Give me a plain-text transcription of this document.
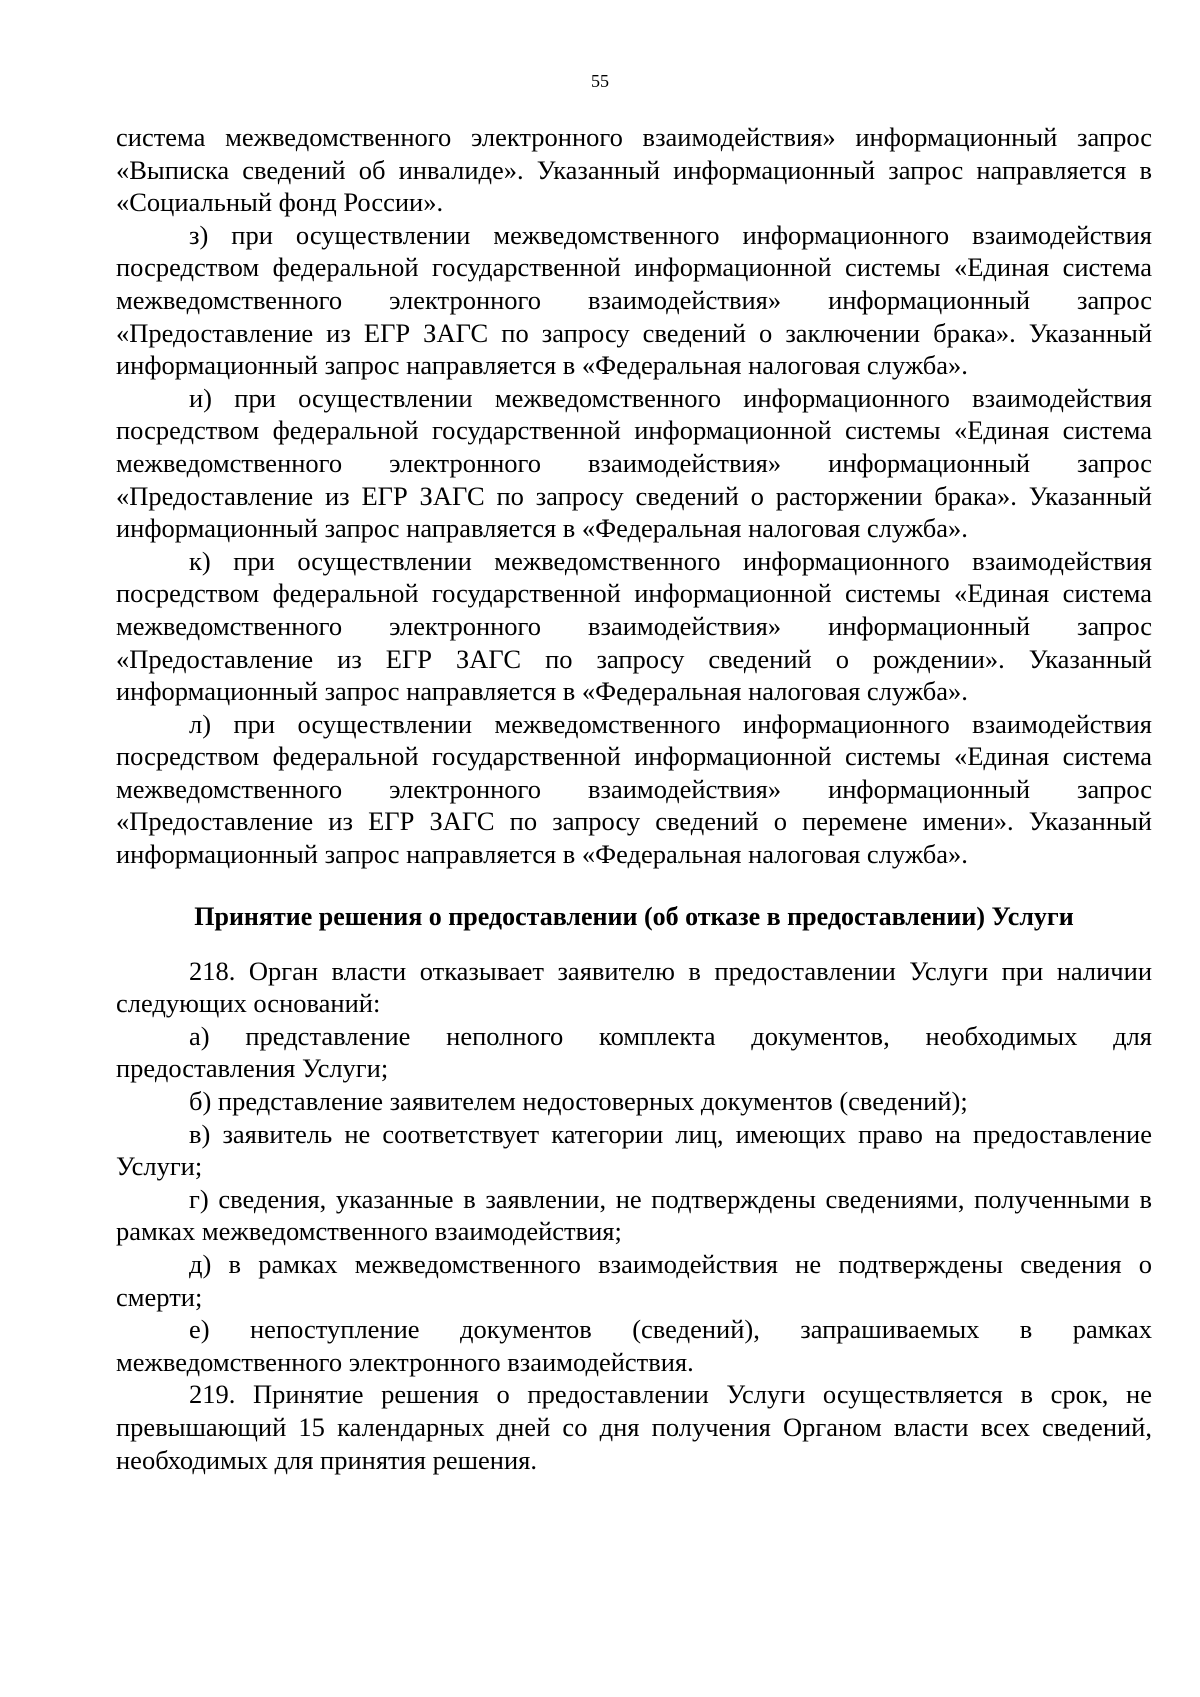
55

система межведомственного электронного взаимодействия» информационный запрос «Выписка сведений об инвалиде». Указанный информационный запрос направляется в «Социальный фонд России».

з) при осуществлении межведомственного информационного взаимодействия посредством федеральной государственной информационной системы «Единая система межведомственного электронного взаимодействия» информационный запрос «Предоставление из ЕГР ЗАГС по запросу сведений о заключении брака». Указанный информационный запрос направляется в «Федеральная налоговая служба».

и) при осуществлении межведомственного информационного взаимодействия посредством федеральной государственной информационной системы «Единая система межведомственного электронного взаимодействия» информационный запрос «Предоставление из ЕГР ЗАГС по запросу сведений о расторжении брака». Указанный информационный запрос направляется в «Федеральная налоговая служба».

к) при осуществлении межведомственного информационного взаимодействия посредством федеральной государственной информационной системы «Единая система межведомственного электронного взаимодействия» информационный запрос «Предоставление из ЕГР ЗАГС по запросу сведений о рождении». Указанный информационный запрос направляется в «Федеральная налоговая служба».

л) при осуществлении межведомственного информационного взаимодействия посредством федеральной государственной информационной системы «Единая система межведомственного электронного взаимодействия» информационный запрос «Предоставление из ЕГР ЗАГС по запросу сведений о перемене имени». Указанный информационный запрос направляется в «Федеральная налоговая служба».

Принятие решения о предоставлении (об отказе в предоставлении) Услуги

218. Орган власти отказывает заявителю в предоставлении Услуги при наличии следующих оснований:

а) представление неполного комплекта документов, необходимых для предоставления Услуги;

б) представление заявителем недостоверных документов (сведений);

в) заявитель не соответствует категории лиц, имеющих право на предоставление Услуги;

г) сведения, указанные в заявлении, не подтверждены сведениями, полученными в рамках межведомственного взаимодействия;

д) в рамках межведомственного взаимодействия не подтверждены сведения о смерти;

е) непоступление документов (сведений), запрашиваемых в рамках межведомственного электронного взаимодействия.

219. Принятие решения о предоставлении Услуги осуществляется в срок, не превышающий 15 календарных дней со дня получения Органом власти всех сведений, необходимых для принятия решения.
